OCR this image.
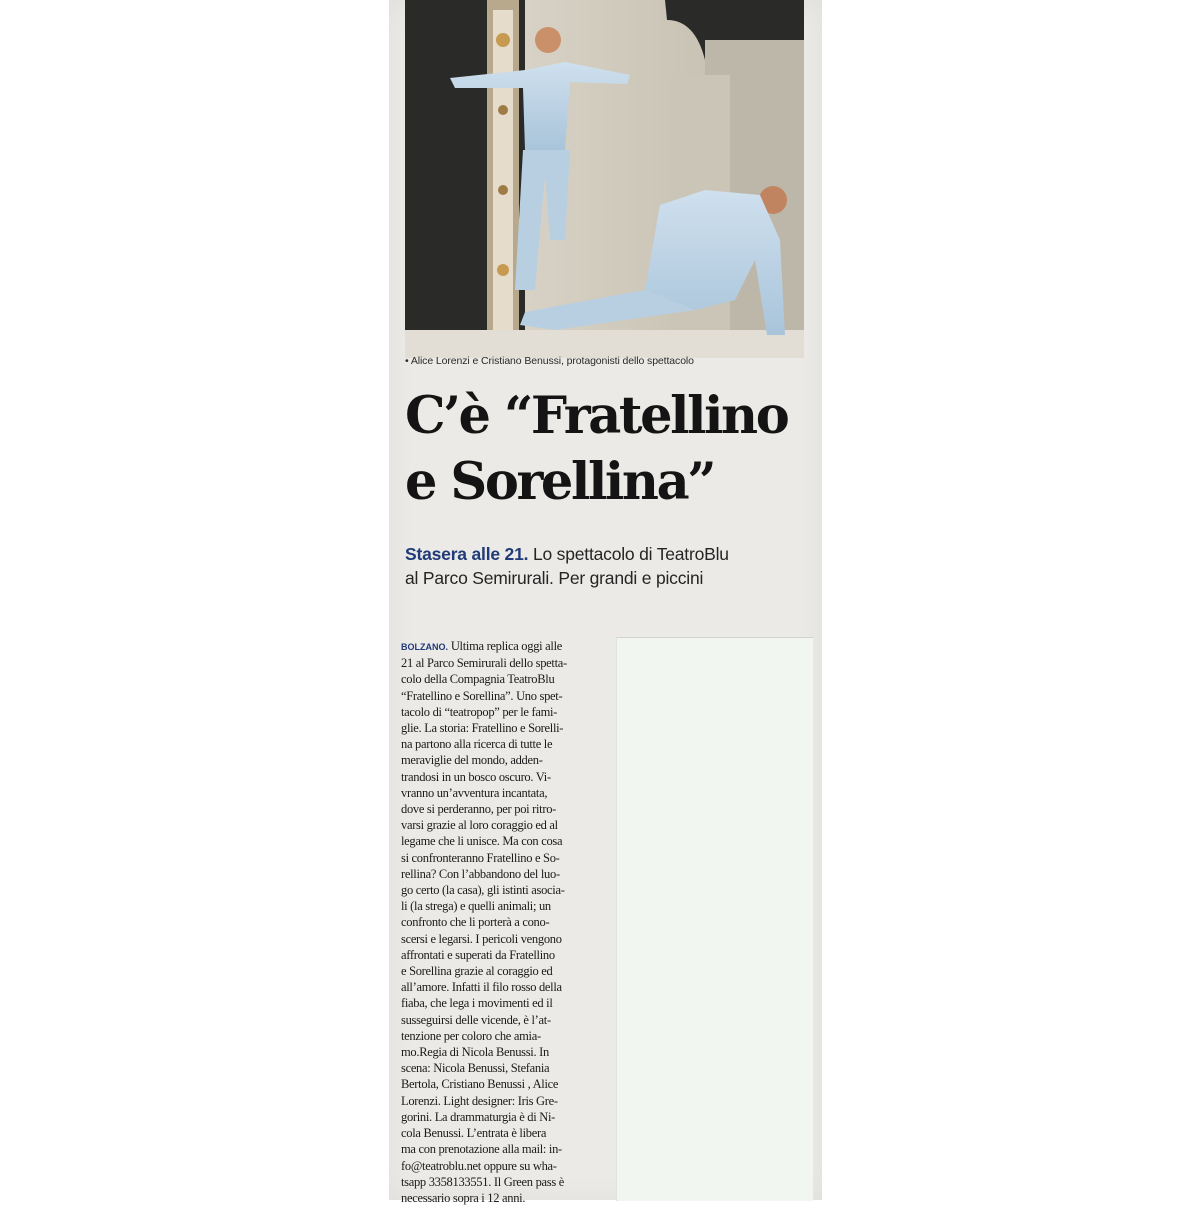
• Alice Lorenzi e Cristiano Benussi, protagonisti dello spettacolo
C’è “Fratellino
e Sorellina”
Stasera alle 21. Lo spettacolo di TeatroBlu
al Parco Semirurali. Per grandi e piccini
BOLZANO. Ultima replica oggi alle
21 al Parco Semirurali dello spetta-
colo della Compagnia TeatroBlu
“Fratellino e Sorellina”. Uno spet-
tacolo di “teatropop” per le fami-
glie. La storia: Fratellino e Sorelli-
na partono alla ricerca di tutte le
meraviglie del mondo, adden-
trandosi in un bosco oscuro. Vi-
vranno un’avventura incantata,
dove si perderanno, per poi ritro-
varsi grazie al loro coraggio ed al
legame che li unisce. Ma con cosa
si confronteranno Fratellino e So-
rellina? Con l’abbandono del luo-
go certo (la casa), gli istinti asocia-
li (la strega) e quelli animali; un
confronto che li porterà a cono-
scersi e legarsi. I pericoli vengono
affrontati e superati da Fratellino
e Sorellina grazie al coraggio ed
all’amore. Infatti il filo rosso della
fiaba, che lega i movimenti ed il
susseguirsi delle vicende, è l’at-
tenzione per coloro che amia-
mo.Regia di Nicola Benussi. In
scena: Nicola Benussi, Stefania
Bertola, Cristiano Benussi , Alice
Lorenzi. Light designer: Iris Gre-
gorini. La drammaturgia è di Ni-
cola Benussi. L’entrata è libera
ma con prenotazione alla mail: in-
fo@teatroblu.net oppure su wha-
tsapp 3358133551. Il Green pass è
necessario sopra i 12 anni.
